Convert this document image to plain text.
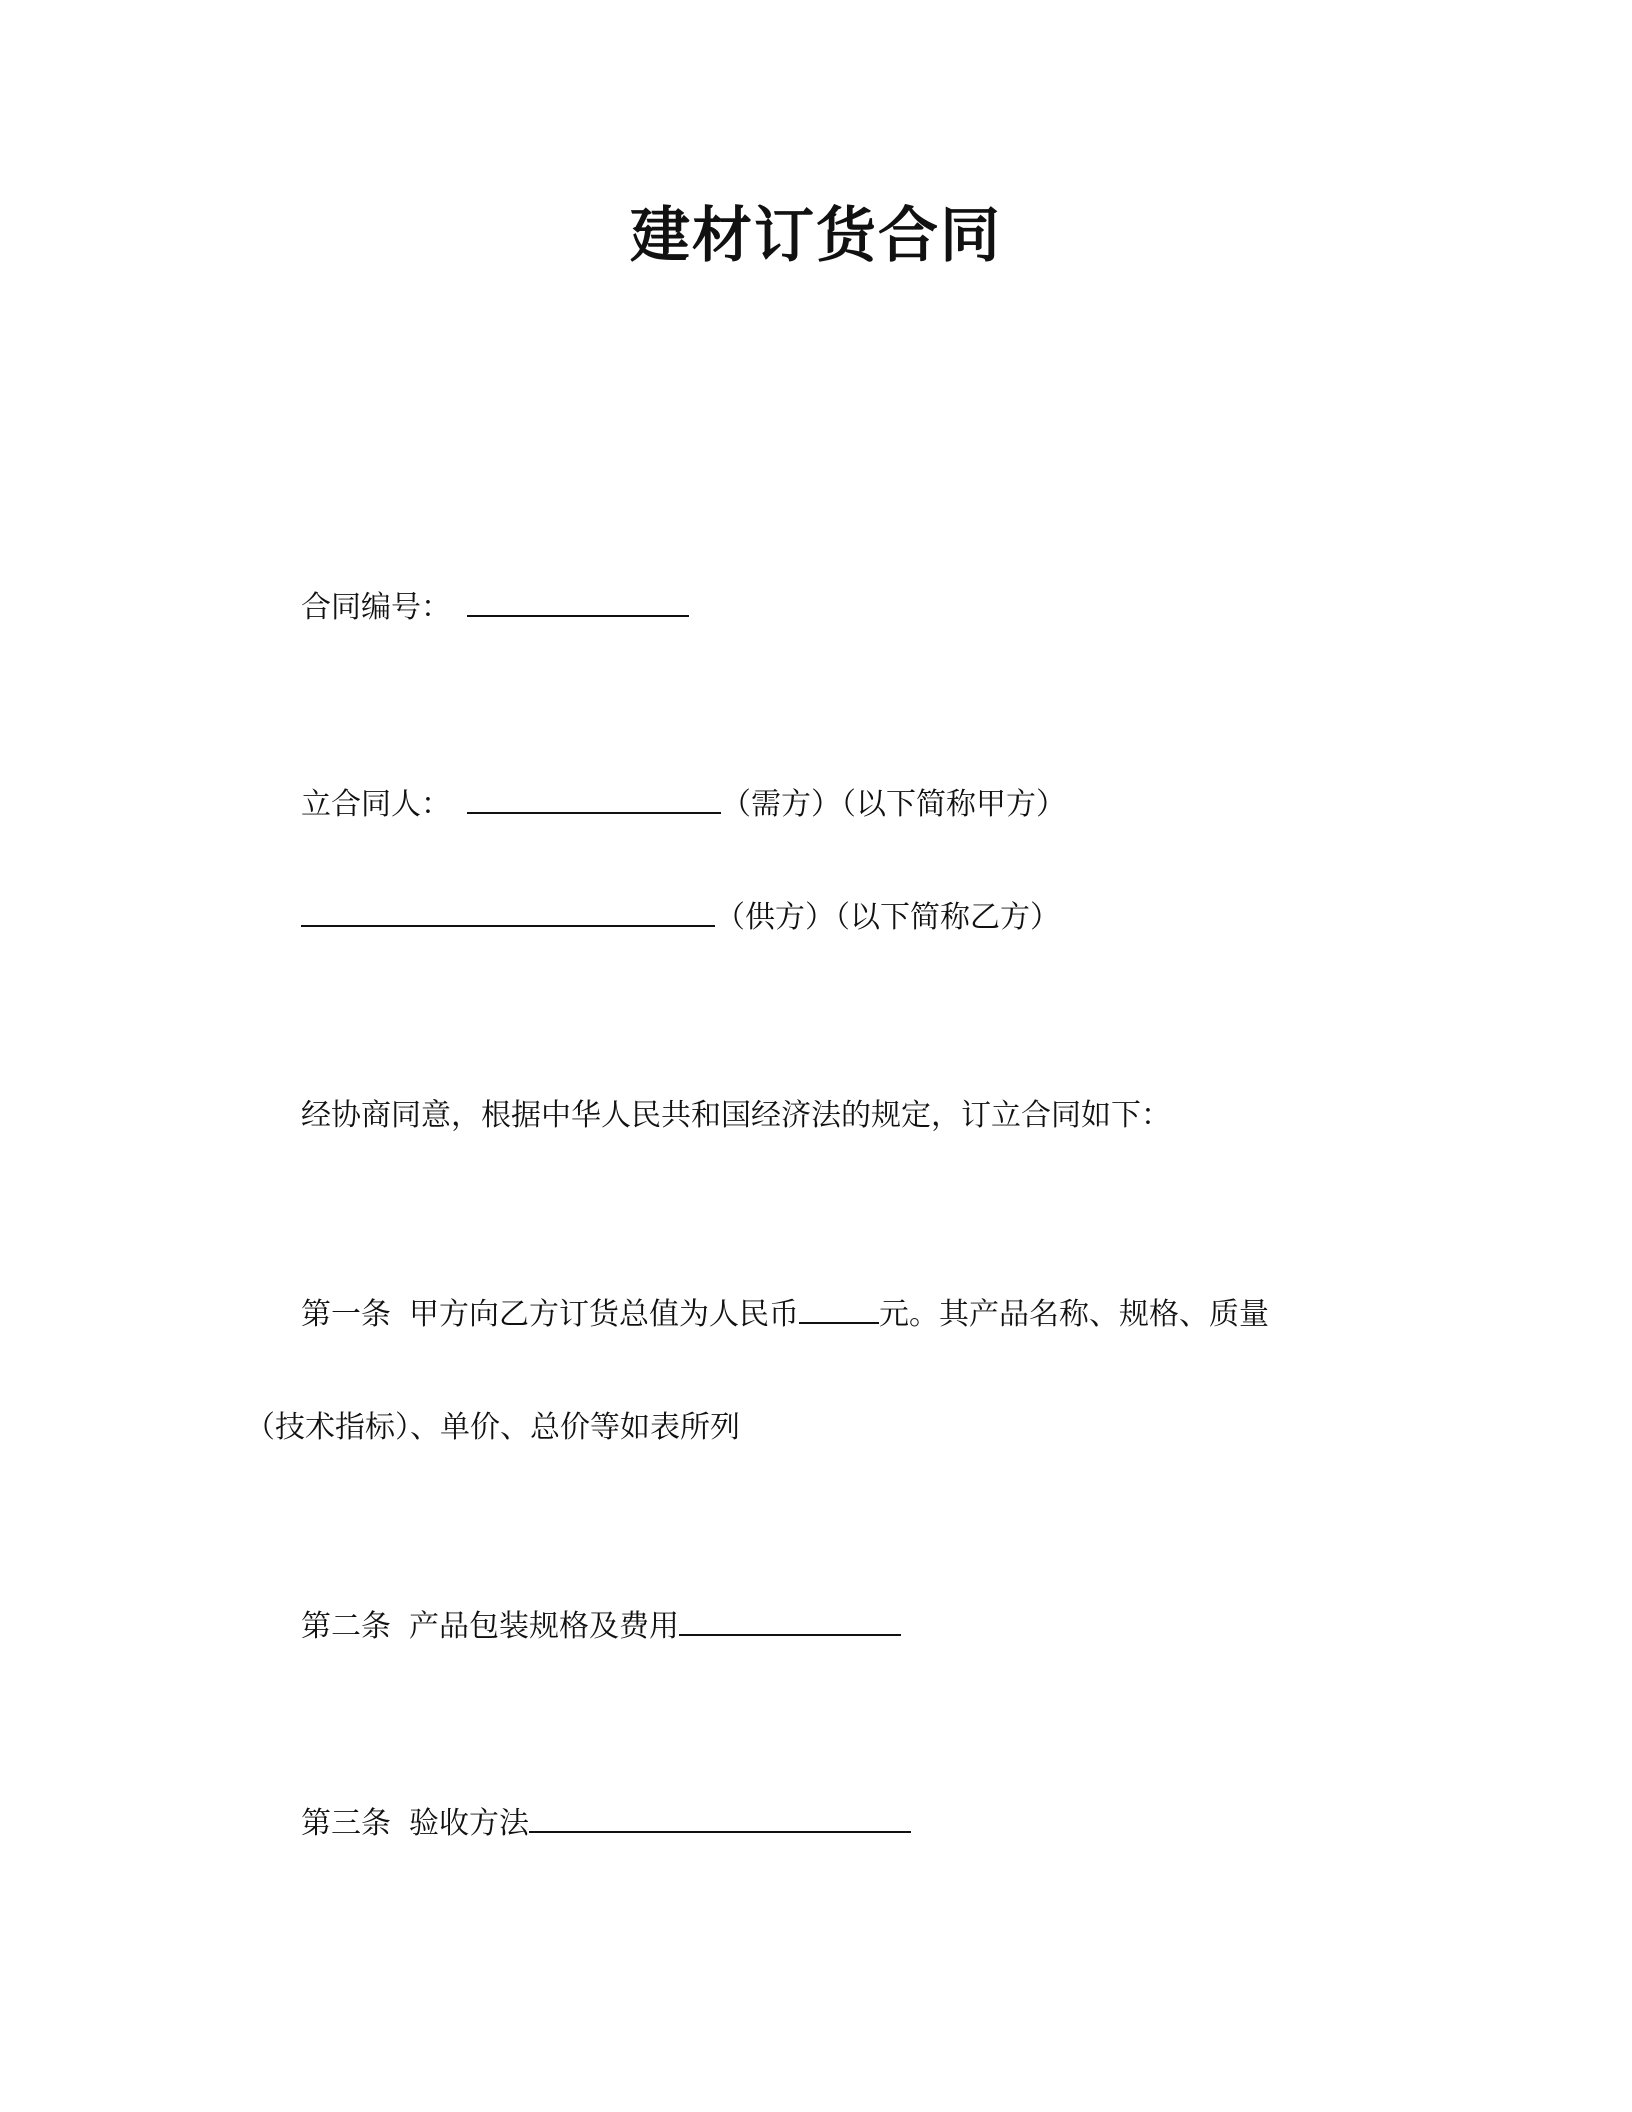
建材订货合同
合同编号：
立合同人：	（需方）（以下简称甲方）
（供方）（以下简称乙方）
经协商同意，根据中华人民共和国经济法的规定，订立合同如下：
第一条 甲方向乙方订货总值为人民币	元。其产品名称、规格、质量
（技术指标）、单价、总价等如表所列
第二条 产品包装规格及费用
第三条 验收方法
